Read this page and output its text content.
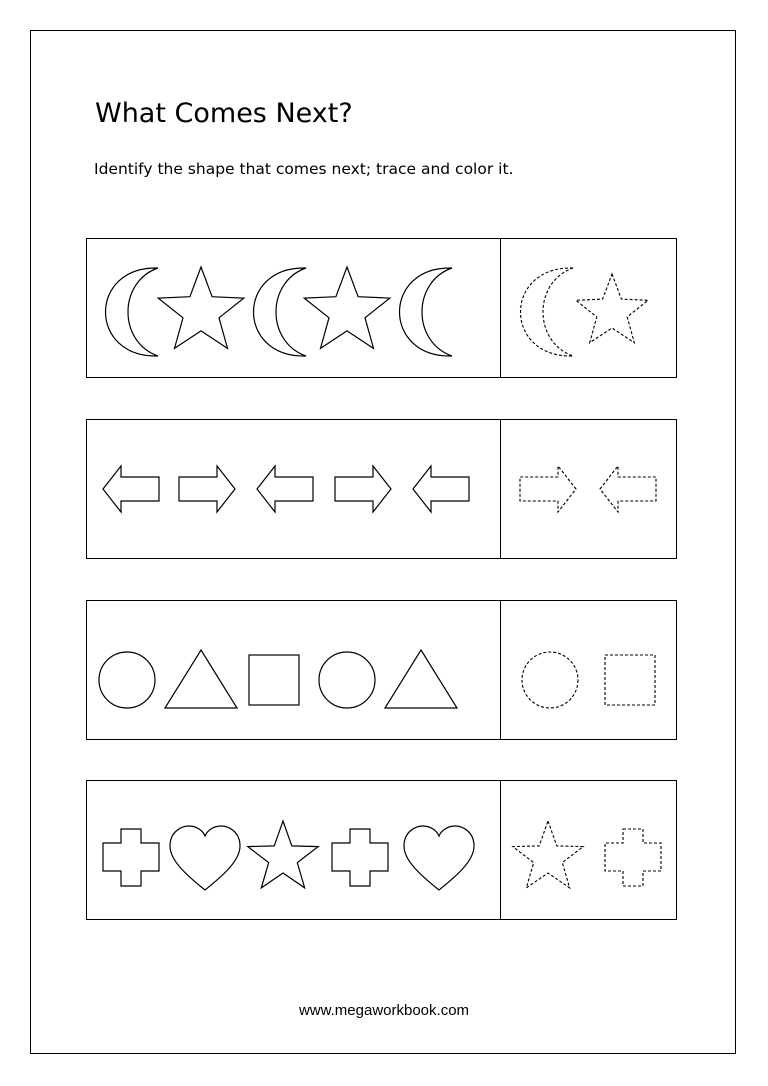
What Comes Next?
Identify the shape that comes next; trace and color it.
www.megaworkbook.com
